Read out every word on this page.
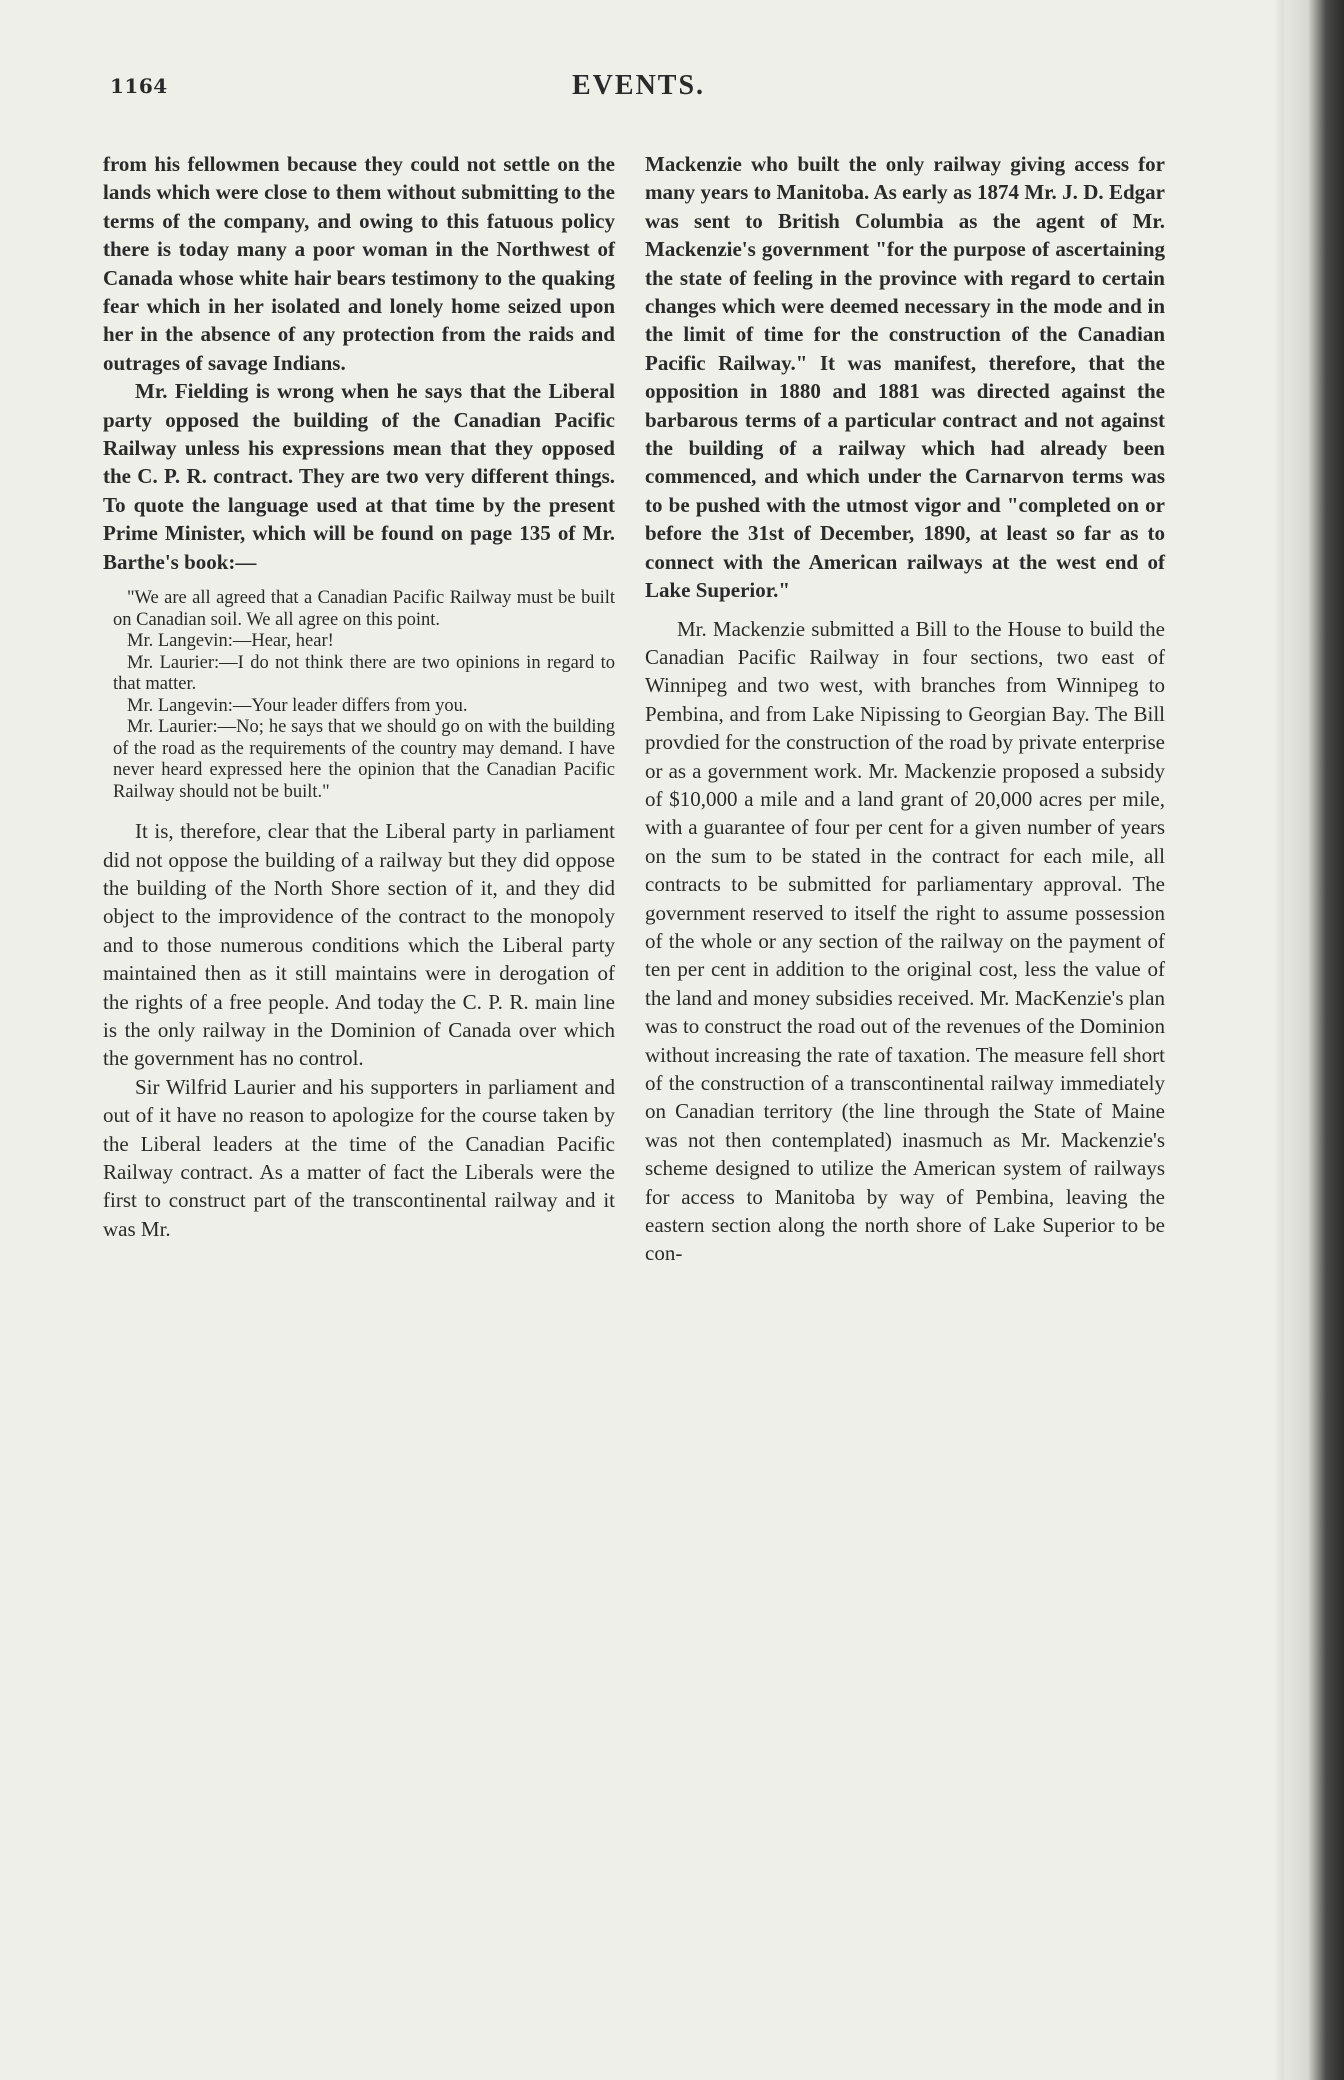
1164	EVENTS.

from his fellowmen because they could not settle on the lands which were close to them without submitting to the terms of the company, and owing to this fatuous policy there is today many a poor woman in the Northwest of Canada whose white hair bears testimony to the quaking fear which in her isolated and lonely home seized upon her in the absence of any protection from the raids and outrages of savage Indians.

Mr. Fielding is wrong when he says that the Liberal party opposed the building of the Canadian Pacific Railway unless his expressions mean that they opposed the C. P. R. contract. They are two very different things. To quote the language used at that time by the present Prime Minister, which will be found on page 135 of Mr. Barthe's book:—

"We are all agreed that a Canadian Pacific Railway must be built on Canadian soil. We all agree on this point.
Mr. Langevin:—Hear, hear!
Mr. Laurier:—I do not think there are two opinions in regard to that matter.
Mr. Langevin:—Your leader differs from you.
Mr. Laurier:—No; he says that we should go on with the building of the road as the requirements of the country may demand. I have never heard expressed here the opinion that the Canadian Pacific Railway should not be built."

It is, therefore, clear that the Liberal party in parliament did not oppose the building of a railway but they did oppose the building of the North Shore section of it, and they did object to the improvidence of the contract to the monopoly and to those numerous conditions which the Liberal party maintained then as it still maintains were in derogation of the rights of a free people. And today the C. P. R. main line is the only railway in the Dominion of Canada over which the government has no control.

Sir Wilfrid Laurier and his supporters in parliament and out of it have no reason to apologize for the course taken by the Liberal leaders at the time of the Canadian Pacific Railway contract. As a matter of fact the Liberals were the first to construct part of the transcontinental railway and it was Mr.

Mackenzie who built the only railway giving access for many years to Manitoba. As early as 1874 Mr. J. D. Edgar was sent to British Columbia as the agent of Mr. Mackenzie's government "for the purpose of ascertaining the state of feeling in the province with regard to certain changes which were deemed necessary in the mode and in the limit of time for the construction of the Canadian Pacific Railway." It was manifest, therefore, that the opposition in 1880 and 1881 was directed against the barbarous terms of a particular contract and not against the building of a railway which had already been commenced, and which under the Carnarvon terms was to be pushed with the utmost vigor and "completed on or before the 31st of December, 1890, at least so far as to connect with the American railways at the west end of Lake Superior."

Mr. Mackenzie submitted a Bill to the House to build the Canadian Pacific Railway in four sections, two east of Winnipeg and two west, with branches from Winnipeg to Pembina, and from Lake Nipissing to Georgian Bay. The Bill provdied for the construction of the road by private enterprise or as a government work. Mr. Mackenzie proposed a subsidy of $10,000 a mile and a land grant of 20,000 acres per mile, with a guarantee of four per cent for a given number of years on the sum to be stated in the contract for each mile, all contracts to be submitted for parliamentary approval. The government reserved to itself the right to assume possession of the whole or any section of the railway on the payment of ten per cent in addition to the original cost, less the value of the land and money subsidies received. Mr. MacKenzie's plan was to construct the road out of the revenues of the Dominion without increasing the rate of taxation. The measure fell short of the construction of a transcontinental railway immediately on Canadian territory (the line through the State of Maine was not then contemplated) inasmuch as Mr. Mackenzie's scheme designed to utilize the American system of railways for access to Manitoba by way of Pembina, leaving the eastern section along the north shore of Lake Superior to be con-
